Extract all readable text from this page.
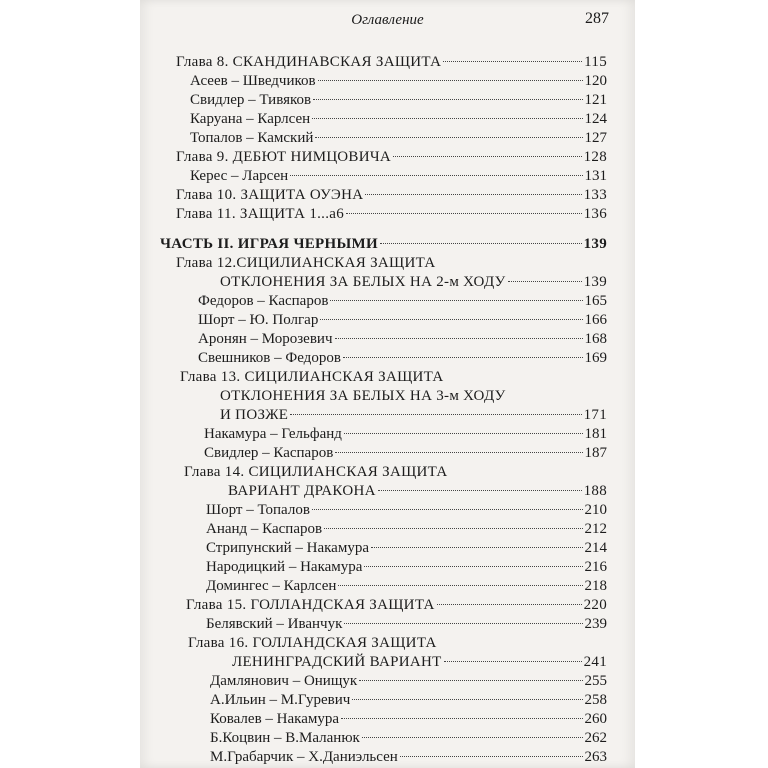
Оглавление	287
Глава 8. СКАНДИНАВСКАЯ ЗАЩИТА	115
Асеев – Шведчиков	120
Свидлер – Тивяков	121
Каруана – Карлсен	124
Топалов – Камский	127
Глава 9. ДЕБЮТ НИМЦОВИЧА	128
Керес – Ларсен	131
Глава 10. ЗАЩИТА ОУЭНА	133
Глава 11. ЗАЩИТА 1...а6	136
ЧАСТЬ II. ИГРАЯ ЧЕРНЫМИ	139
Глава 12.СИЦИЛИАНСКАЯ ЗАЩИТА
ОТКЛОНЕНИЯ ЗА БЕЛЫХ НА 2-м ХОДУ	139
Федоров – Каспаров	165
Шорт – Ю. Полгар	166
Аронян – Морозевич	168
Свешников – Федоров	169
Глава 13. СИЦИЛИАНСКАЯ ЗАЩИТА
ОТКЛОНЕНИЯ ЗА БЕЛЫХ НА 3-м ХОДУ
И ПОЗЖЕ	171
Накамура – Гельфанд	181
Свидлер – Каспаров	187
Глава 14. СИЦИЛИАНСКАЯ ЗАЩИТА
ВАРИАНТ ДРАКОНА	188
Шорт – Топалов	210
Ананд – Каспаров	212
Стрипунский – Накамура	214
Народицкий – Накамура	216
Домингес – Карлсен	218
Глава 15. ГОЛЛАНДСКАЯ ЗАЩИТА	220
Белявский – Иванчук	239
Глава 16. ГОЛЛАНДСКАЯ ЗАЩИТА
ЛЕНИНГРАДСКИЙ ВАРИАНТ	241
Дамлянович – Онищук	255
А.Ильин – М.Гуревич	258
Ковалев – Накамура	260
Б.Коцвин – В.Маланюк	262
М.Грабарчик – Х.Даниэльсен	263
